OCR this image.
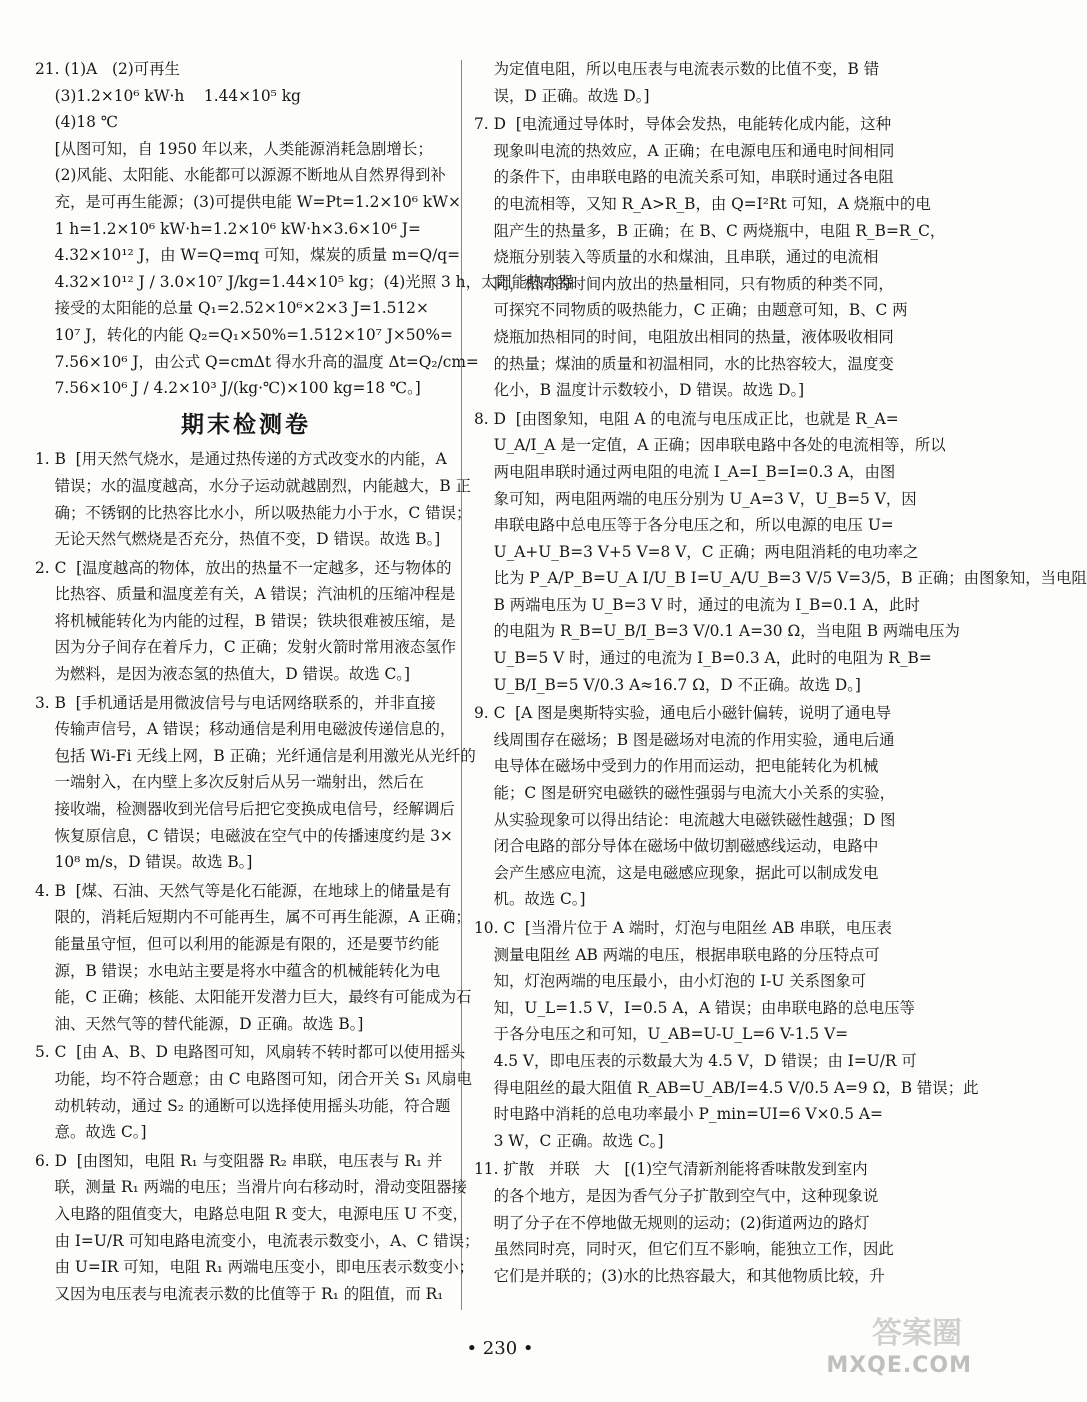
21. (1)A   (2)可再生
(3)1.2×10⁶ kW·h    1.44×10⁵ kg
(4)18 ℃
[从图可知，自 1950 年以来，人类能源消耗急剧增长；
(2)风能、太阳能、水能都可以源源不断地从自然界得到补
充，是可再生能源；(3)可提供电能 W=Pt=1.2×10⁶ kW×
1 h=1.2×10⁶ kW·h=1.2×10⁶ kW·h×3.6×10⁶ J=
4.32×10¹² J，由 W=Q=mq 可知，煤炭的质量 m=Q/q=
4.32×10¹² J / 3.0×10⁷ J/kg=1.44×10⁵ kg；(4)光照 3 h，太阳能热水器
接受的太阳能的总量 Q₁=2.52×10⁶×2×3 J=1.512×
10⁷ J，转化的内能 Q₂=Q₁×50%=1.512×10⁷ J×50%=
7.56×10⁶ J，由公式 Q=cmΔt 得水升高的温度 Δt=Q₂/cm=
7.56×10⁶ J / 4.2×10³ J/(kg·℃)×100 kg=18 ℃。]
期末检测卷
1. B  [用天然气烧水，是通过热传递的方式改变水的内能，A
错误；水的温度越高，水分子运动就越剧烈，内能越大，B 正
确；不锈钢的比热容比水小，所以吸热能力小于水，C 错误；
无论天然气燃烧是否充分，热值不变，D 错误。故选 B。]
2. C  [温度越高的物体，放出的热量不一定越多，还与物体的
比热容、质量和温度差有关，A 错误；汽油机的压缩冲程是
将机械能转化为内能的过程，B 错误；铁块很难被压缩，是
因为分子间存在着斥力，C 正确；发射火箭时常用液态氢作
为燃料，是因为液态氢的热值大，D 错误。故选 C。]
3. B  [手机通话是用微波信号与电话网络联系的，并非直接
传输声信号，A 错误；移动通信是利用电磁波传递信息的，
包括 Wi-Fi 无线上网，B 正确；光纤通信是利用激光从光纤的
一端射入，在内壁上多次反射后从另一端射出，然后在
接收端，检测器收到光信号后把它变换成电信号，经解调后
恢复原信息，C 错误；电磁波在空气中的传播速度约是 3×
10⁸ m/s，D 错误。故选 B。]
4. B  [煤、石油、天然气等是化石能源，在地球上的储量是有
限的，消耗后短期内不可能再生，属不可再生能源，A 正确；
能量虽守恒，但可以利用的能源是有限的，还是要节约能
源，B 错误；水电站主要是将水中蕴含的机械能转化为电
能，C 正确；核能、太阳能开发潜力巨大，最终有可能成为石
油、天然气等的替代能源，D 正确。故选 B。]
5. C  [由 A、B、D 电路图可知，风扇转不转时都可以使用摇头
功能，均不符合题意；由 C 电路图可知，闭合开关 S₁ 风扇电
动机转动，通过 S₂ 的通断可以选择使用摇头功能，符合题
意。故选 C。]
6. D  [由图知，电阻 R₁ 与变阻器 R₂ 串联，电压表与 R₁ 并
联，测量 R₁ 两端的电压；当滑片向右移动时，滑动变阻器接
入电路的阻值变大，电路总电阻 R 变大，电源电压 U 不变，
由 I=U/R 可知电路电流变小，电流表示数变小，A、C 错误；
由 U=IR 可知，电阻 R₁ 两端电压变小，即电压表示数变小；
又因为电压表与电流表示数的比值等于 R₁ 的阻值，而 R₁
为定值电阻，所以电压表与电流表示数的比值不变，B 错
误，D 正确。故选 D。]
7. D  [电流通过导体时，导体会发热，电能转化成内能，这种
现象叫电流的热效应，A 正确；在电源电压和通电时间相同
的条件下，由串联电路的电流关系可知，串联时通过各电阻
的电流相等，又知 R_A>R_B，由 Q=I²Rt 可知，A 烧瓶中的电
阻产生的热量多，B 正确；在 B、C 两烧瓶中，电阻 R_B=R_C，
烧瓶分别装入等质量的水和煤油，且串联，通过的电流相
同，相同的时间内放出的热量相同，只有物质的种类不同，
可探究不同物质的吸热能力，C 正确；由题意可知，B、C 两
烧瓶加热相同的时间，电阻放出相同的热量，液体吸收相同
的热量；煤油的质量和初温相同，水的比热容较大，温度变
化小，B 温度计示数较小，D 错误。故选 D。]
8. D  [由图象知，电阻 A 的电流与电压成正比，也就是 R_A=
U_A/I_A 是一定值，A 正确；因串联电路中各处的电流相等，所以
两电阻串联时通过两电阻的电流 I_A=I_B=I=0.3 A，由图
象可知，两电阻两端的电压分别为 U_A=3 V，U_B=5 V，因
串联电路中总电压等于各分电压之和，所以电源的电压 U=
U_A+U_B=3 V+5 V=8 V，C 正确；两电阻消耗的电功率之
比为 P_A/P_B=U_A I/U_B I=U_A/U_B=3 V/5 V=3/5，B 正确；由图象知，当电阻
B 两端电压为 U_B=3 V 时，通过的电流为 I_B=0.1 A，此时
的电阻为 R_B=U_B/I_B=3 V/0.1 A=30 Ω，当电阻 B 两端电压为
U_B=5 V 时，通过的电流为 I_B=0.3 A，此时的电阻为 R_B=
U_B/I_B=5 V/0.3 A≈16.7 Ω，D 不正确。故选 D。]
9. C  [A 图是奥斯特实验，通电后小磁针偏转，说明了通电导
线周围存在磁场；B 图是磁场对电流的作用实验，通电后通
电导体在磁场中受到力的作用而运动，把电能转化为机械
能；C 图是研究电磁铁的磁性强弱与电流大小关系的实验，
从实验现象可以得出结论：电流越大电磁铁磁性越强；D 图
闭合电路的部分导体在磁场中做切割磁感线运动，电路中
会产生感应电流，这是电磁感应现象，据此可以制成发电
机。故选 C。]
10. C  [当滑片位于 A 端时，灯泡与电阻丝 AB 串联，电压表
测量电阻丝 AB 两端的电压，根据串联电路的分压特点可
知，灯泡两端的电压最小，由小灯泡的 I-U 关系图象可
知，U_L=1.5 V，I=0.5 A，A 错误；由串联电路的总电压等
于各分电压之和可知，U_AB=U-U_L=6 V-1.5 V=
4.5 V，即电压表的示数最大为 4.5 V，D 错误；由 I=U/R 可
得电阻丝的最大阻值 R_AB=U_AB/I=4.5 V/0.5 A=9 Ω，B 错误；此
时电路中消耗的总电功率最小 P_min=UI=6 V×0.5 A=
3 W，C 正确。故选 C。]
11. 扩散   并联   大   [(1)空气清新剂能将香味散发到室内
的各个地方，是因为香气分子扩散到空气中，这种现象说
明了分子在不停地做无规则的运动；(2)街道两边的路灯
虽然同时亮，同时灭，但它们互不影响，能独立工作，因此
它们是并联的；(3)水的比热容最大，和其他物质比较，升
• 230 •	答案圈
MXQE.COM
